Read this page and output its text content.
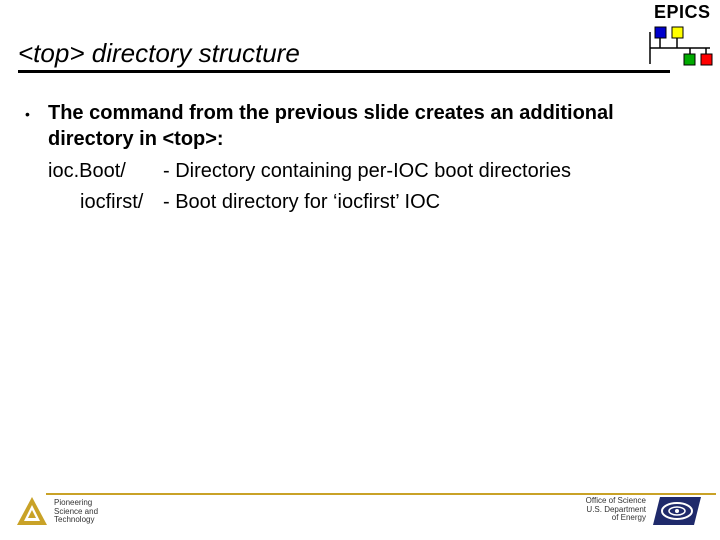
<top> directory structure
EPICS
• The command from the previous slide creates an additional
directory in <top>:
ioc.Boot/ - Directory containing per-IOC boot directories
iocfirst/ - Boot directory for ‘iocfirst’ IOC
Pioneering
Science and
Technology
Office of Science
U.S. Department
of Energy
